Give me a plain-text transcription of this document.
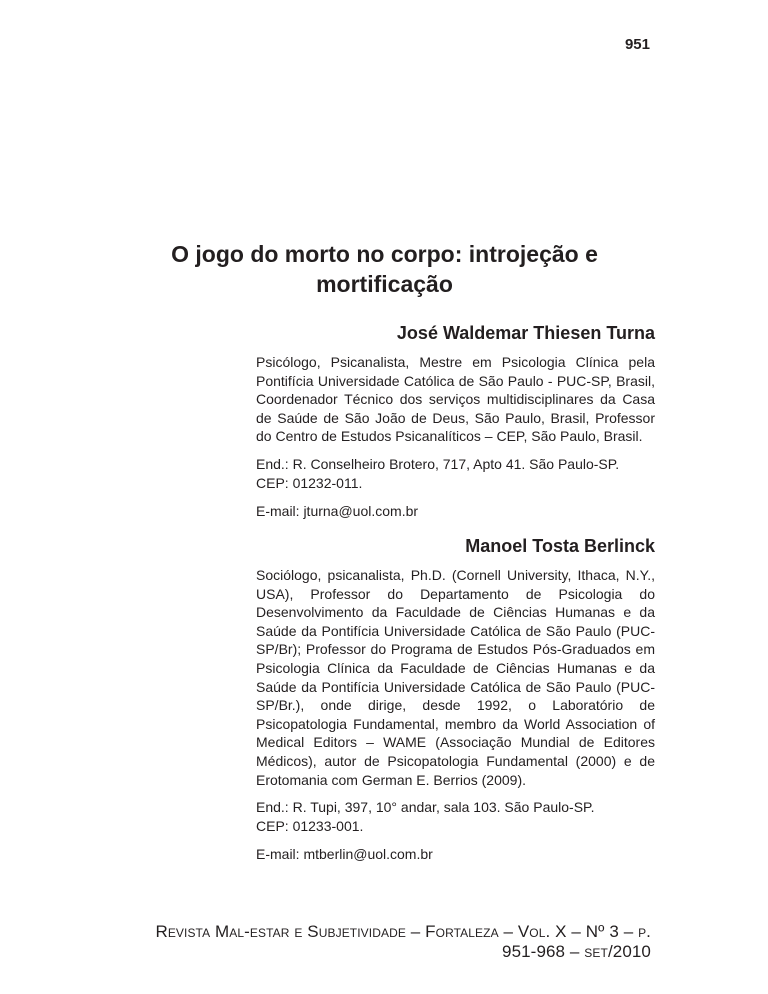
951
O jogo do morto no corpo: introjeção e
mortificação

José Waldemar Thiesen Turna

Psicólogo, Psicanalista, Mestre em Psicologia Clínica pela Pontifícia Universidade Católica de São Paulo - PUC-SP, Brasil, Coordenador Técnico dos serviços multidisciplinares da Casa de Saúde de São João de Deus, São Paulo, Brasil, Professor do Centro de Estudos Psicanalíticos – CEP, São Paulo, Brasil.

End.: R. Conselheiro Brotero, 717, Apto 41. São Paulo-SP.
CEP: 01232-011.

E-mail: jturna@uol.com.br

Manoel Tosta Berlinck

Sociólogo, psicanalista, Ph.D. (Cornell University, Ithaca, N.Y., USA), Professor do Departamento de Psicologia do Desenvolvimento da Faculdade de Ciências Humanas e da Saúde da Pontifícia Universidade Católica de São Paulo (PUC-SP/Br); Professor do Programa de Estudos Pós-Graduados em Psicologia Clínica da Faculdade de Ciências Humanas e da Saúde da Pontifícia Universidade Católica de São Paulo (PUC-SP/Br.), onde dirige, desde 1992, o Laboratório de Psicopatologia Fundamental, membro da World Association of Medical Editors – WAME (Associação Mundial de Editores Médicos), autor de Psicopatologia Fundamental (2000) e de Erotomania com German E. Berrios (2009).

End.: R. Tupi, 397, 10° andar, sala 103. São Paulo-SP.
CEP: 01233-001.

E-mail: mtberlin@uol.com.br

Revista Mal-estar e Subjetividade – Fortaleza – Vol. X – Nº 3 – p. 951-968 – set/2010
